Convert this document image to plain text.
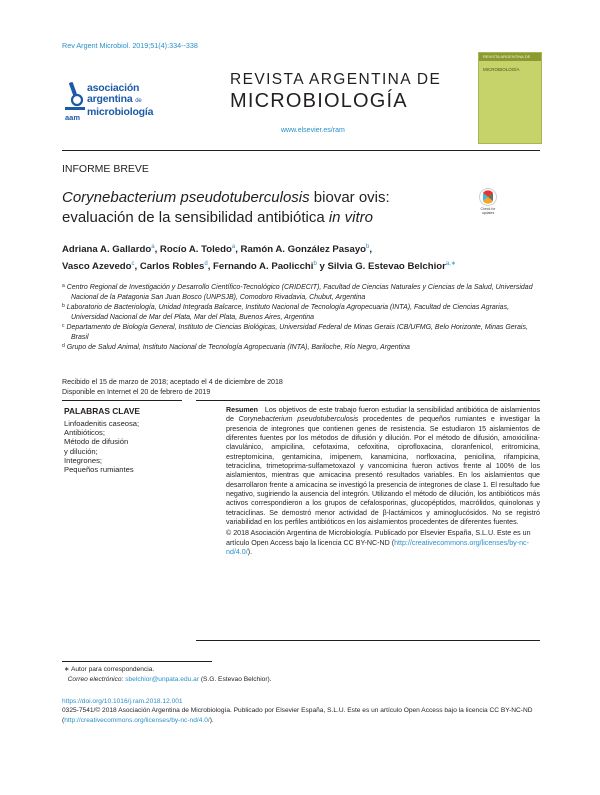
Rev Argent Microbiol. 2019;51(4):334--338
asociación
argentina de
microbiología
aam
REVISTA ARGENTINA DE
MICROBIOLOGÍA
www.elsevier.es/ram
REVISTA ARGENTINA DE
MICROBIOLOGÍA
INFORME BREVE
Corynebacterium pseudotuberculosis biovar ovis:
evaluación de la sensibilidad antibiótica in vitro	Check for updates
Adriana A. Gallardo$^a$, Rocío A. Toledo$^a$, Ramón A. González Pasayo$^b$,
Vasco Azevedo$^c$, Carlos Robles$^d$, Fernando A. Paolicchi$^b$ y Silvia G. Estevao Belchior$^{a,∗}$

$^a$ Centro Regional de Investigación y Desarrollo Científico-Tecnológico (CRIDECIT), Facultad de Ciencias Naturales y Ciencias de la Salud, Universidad Nacional de la Patagonia San Juan Bosco (UNPSJB), Comodoro Rivadavia, Chubut, Argentina

$^b$ Laboratorio de Bacteriología, Unidad Integrada Balcarce, Instituto Nacional de Tecnología Agropecuaria (INTA), Facultad de Ciencias Agrarias, Universidad Nacional de Mar del Plata, Mar del Plata, Buenos Aires, Argentina

$^c$ Departamento de Biología General, Instituto de Ciencias Biológicas, Universidad Federal de Minas Gerais ICB/UFMG, Belo Horizonte, Minas Gerais, Brasil

$^d$ Grupo de Salud Animal, Instituto Nacional de Tecnología Agropecuaria (INTA), Bariloche, Río Negro, Argentina

Recibido el 15 de marzo de 2018; aceptado el 4 de diciembre de 2018
Disponible en Internet el 20 de febrero de 2019
PALABRAS CLAVE
Linfoadenitis caseosa;
Antibióticos;
Método de difusión
y dilución;
Integrones;
Pequeños rumiantes

Resumen Los objetivos de este trabajo fueron estudiar la sensibilidad antibiótica de aislamientos de Corynebacterium pseudotuberculosis procedentes de pequeños rumiantes e investigar la presencia de integrones que contienen genes de resistencia. Se estudiaron 15 aislamientos de diferentes fuentes por los métodos de difusión y dilución. Por el método de difusión, amoxicilina-clavulánico, ampicilina, cefotaxima, cefoxitina, ciprofloxacina, cloranfenicol, eritromicina, estreptomicina, gentamicina, imipenem, kanamicina, norfloxacina, penicilina, rifampicina, tetraciclina, trimetoprima-sulfametoxazol y vancomicina fueron activos frente al 100% de los aislamientos, mientras que amicacina presentó resultados variables. En los aislamientos que desarrollaron frente a amicacina se investigó la presencia de integrones de clase 1. El resultado fue negativo, sugiriendo la ausencia del integrón. Utilizando el método de dilución, los antibióticos más activos correspondieron a los grupos de cefalosporinas, glucopéptidos, macrólidos, quinolonas y tetraciclinas. Se demostró menor actividad de β-lactámicos y aminoglucósidos. No se registró variabilidad en los perfiles antibióticos en los aislamientos procedentes de diferentes fuentes.

© 2018 Asociación Argentina de Microbiología. Publicado por Elsevier España, S.L.U. Este es un artículo Open Access bajo la licencia CC BY-NC-ND (http://creativecommons.org/licenses/by-nc-nd/4.0/).
∗ Autor para correspondencia.
Correo electrónico: sbelchior@unpata.edu.ar (S.G. Estevao Belchior).
https://doi.org/10.1016/j.ram.2018.12.001
0325-7541/© 2018 Asociación Argentina de Microbiología. Publicado por Elsevier España, S.L.U. Este es un artículo Open Access bajo la licencia CC BY-NC-ND (http://creativecommons.org/licenses/by-nc-nd/4.0/).
